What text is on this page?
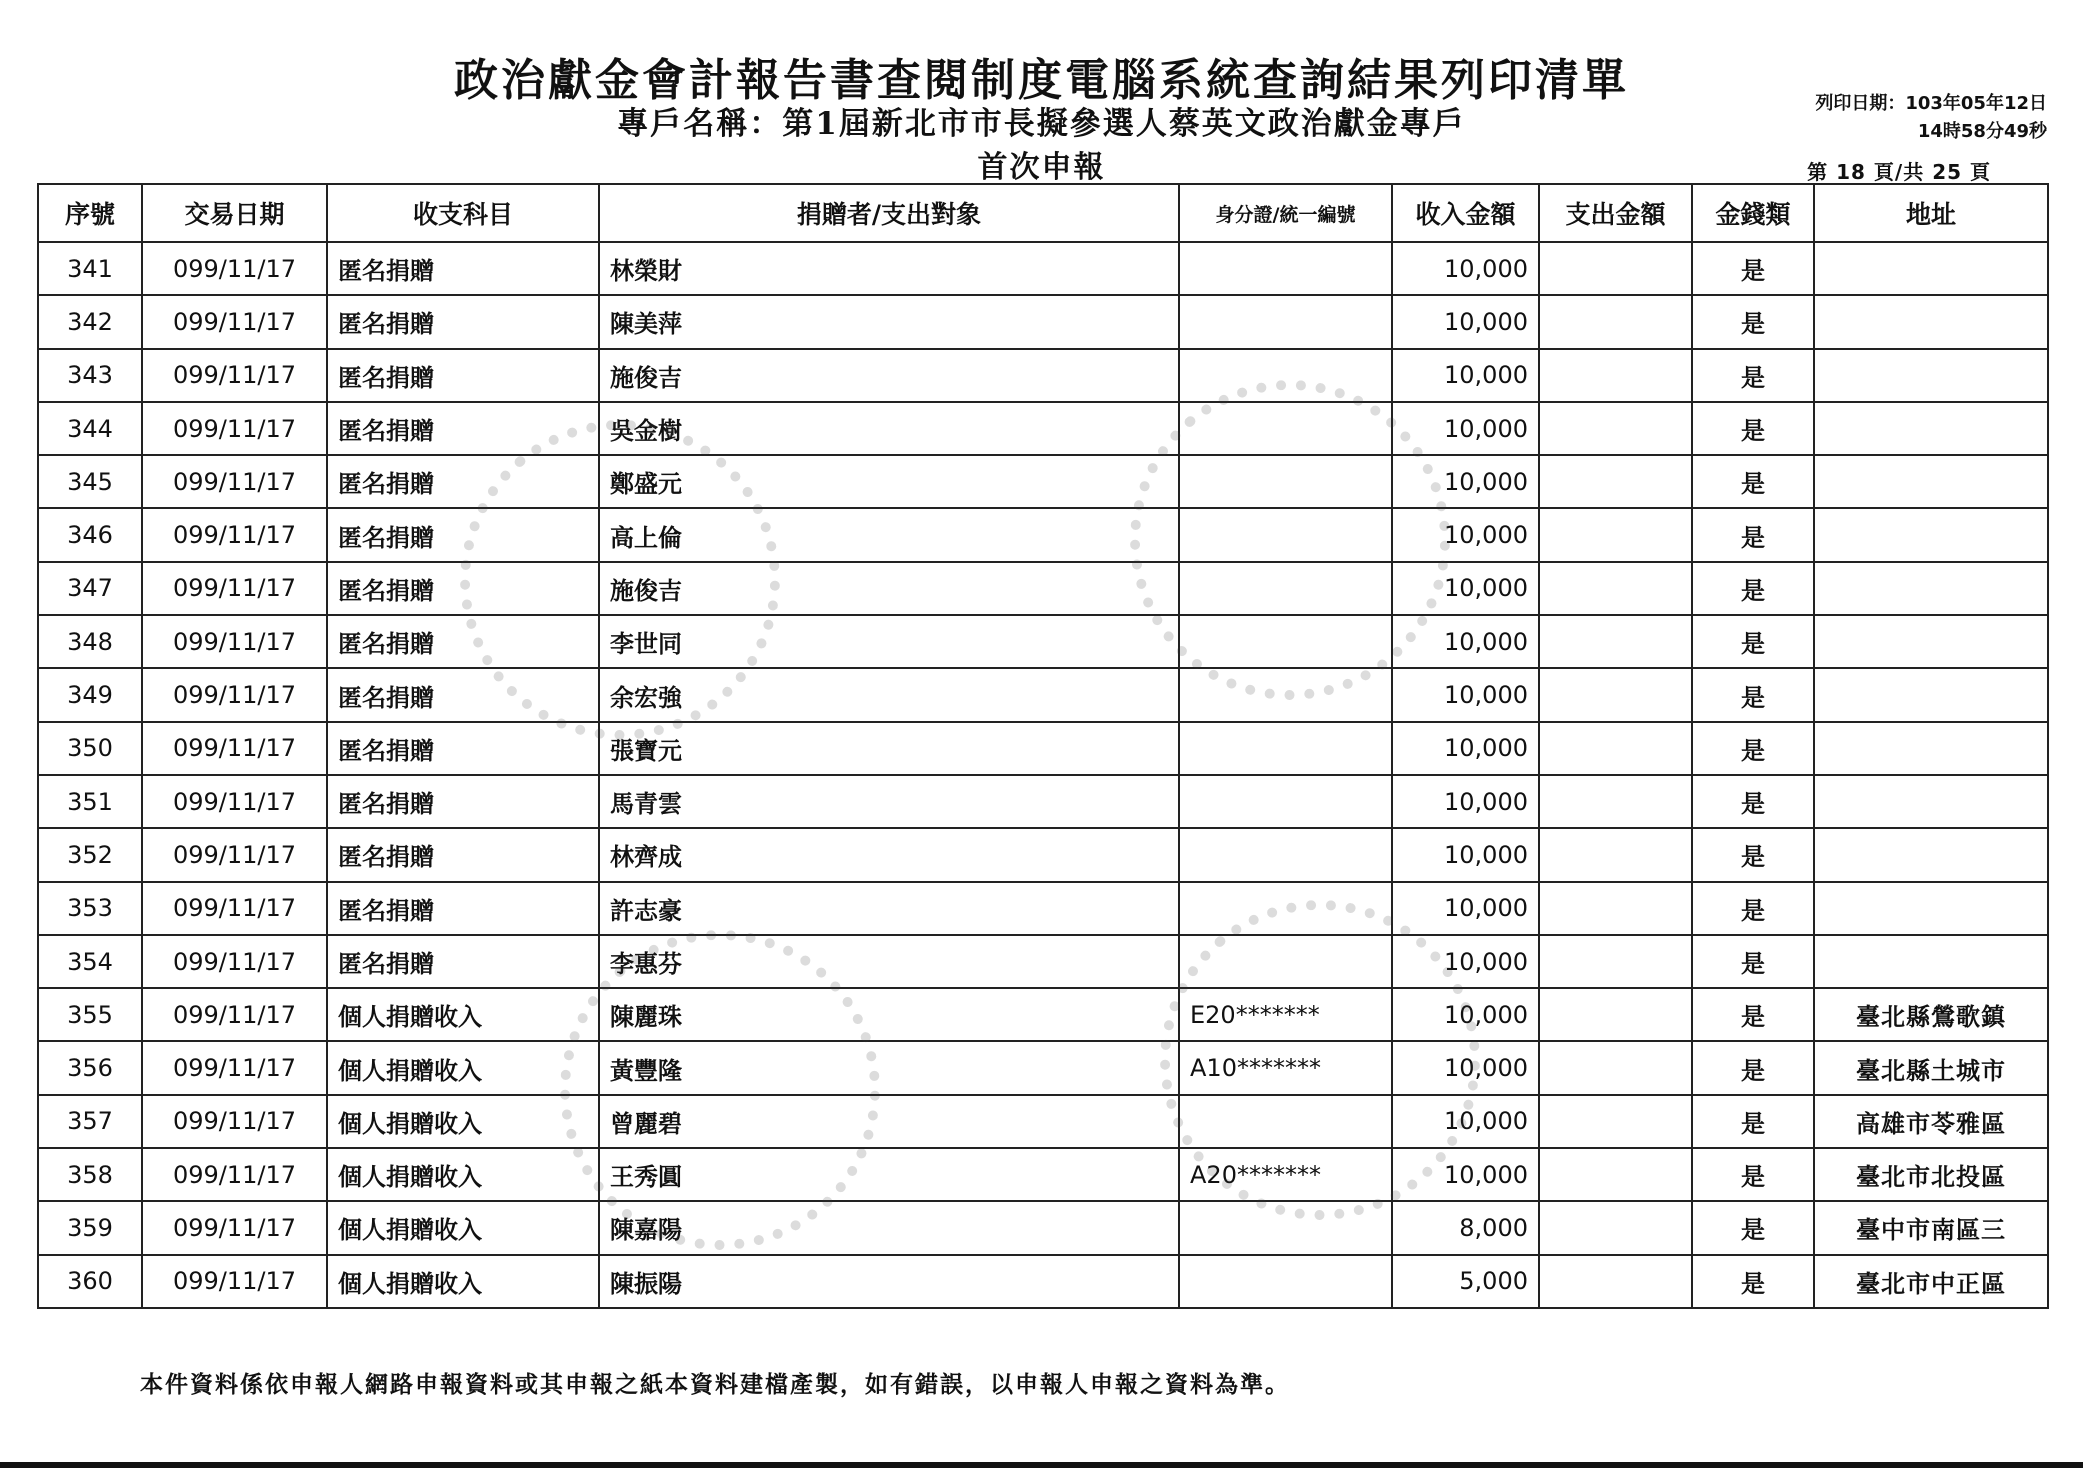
政治獻金會計報告書查閱制度電腦系統查詢結果列印清單
專戶名稱：第1屆新北市市長擬參選人蔡英文政治獻金專戶
首次申報
列印日期：103年05年12日
14時58分49秒
第 18 頁/共 25 頁
序號	交易日期	收支科目	捐贈者/支出對象	身分證/統一編號	收入金額	支出金額	金錢類	地址
341	099/11/17	匿名捐贈	林榮財		10,000		是	
342	099/11/17	匿名捐贈	陳美萍		10,000		是	
343	099/11/17	匿名捐贈	施俊吉		10,000		是	
344	099/11/17	匿名捐贈	吳金樹		10,000		是	
345	099/11/17	匿名捐贈	鄭盛元		10,000		是	
346	099/11/17	匿名捐贈	高上倫		10,000		是	
347	099/11/17	匿名捐贈	施俊吉		10,000		是	
348	099/11/17	匿名捐贈	李世同		10,000		是	
349	099/11/17	匿名捐贈	余宏強		10,000		是	
350	099/11/17	匿名捐贈	張寶元		10,000		是	
351	099/11/17	匿名捐贈	馬青雲		10,000		是	
352	099/11/17	匿名捐贈	林齊成		10,000		是	
353	099/11/17	匿名捐贈	許志豪		10,000		是	
354	099/11/17	匿名捐贈	李惠芬		10,000		是	
355	099/11/17	個人捐贈收入	陳麗珠	E20*******	10,000		是	臺北縣鶯歌鎮
356	099/11/17	個人捐贈收入	黃豐隆	A10*******	10,000		是	臺北縣土城市
357	099/11/17	個人捐贈收入	曾麗碧		10,000		是	高雄市苓雅區
358	099/11/17	個人捐贈收入	王秀圓	A20*******	10,000		是	臺北市北投區
359	099/11/17	個人捐贈收入	陳嘉陽		8,000		是	臺中市南區三
360	099/11/17	個人捐贈收入	陳振陽		5,000		是	臺北市中正區
本件資料係依申報人網路申報資料或其申報之紙本資料建檔產製，如有錯誤，以申報人申報之資料為準。
